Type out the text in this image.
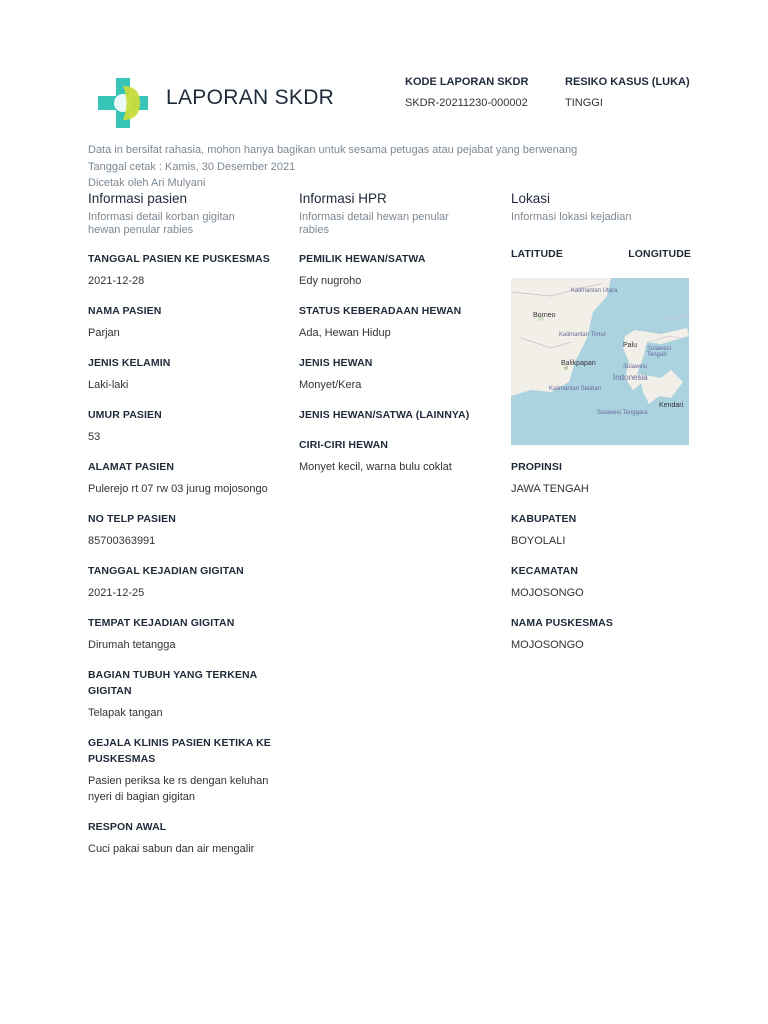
LAPORAN SKDR
KODE LAPORAN SKDR
SKDR-20211230-000002
RESIKO KASUS (LUKA)
TINGGI
Data in bersifat rahasia, mohon hanya bagikan untuk sesama petugas atau pejabat yang berwenang
Tanggal cetak : Kamis, 30 Desember 2021
Dicetak oleh Ari Mulyani
Informasi pasien
Informasi detail korban gigitan hewan penular rabies
TANGGAL PASIEN KE PUSKESMAS
2021-12-28
NAMA PASIEN
Parjan
JENIS KELAMIN
Laki-laki
UMUR PASIEN
53
ALAMAT PASIEN
Pulerejo rt 07 rw 03 jurug mojosongo
NO TELP PASIEN
85700363991
TANGGAL KEJADIAN GIGITAN
2021-12-25
TEMPAT KEJADIAN GIGITAN
Dirumah tetangga
BAGIAN TUBUH YANG TERKENA GIGITAN
Telapak tangan
GEJALA KLINIS PASIEN KETIKA KE PUSKESMAS
Pasien periksa ke rs dengan keluhan nyeri di bagian gigitan
RESPON AWAL
Cuci pakai sabun dan air mengalir
Informasi HPR
Informasi detail hewan penular rabies
PEMILIK HEWAN/SATWA
Edy nugroho
STATUS KEBERADAAN HEWAN
Ada, Hewan Hidup
JENIS HEWAN
Monyet/Kera
JENIS HEWAN/SATWA (LAINNYA)
CIRI-CIRI HEWAN
Monyet kecil, warna bulu coklat
Lokasi
Informasi lokasi kejadian
LATITUDE	LONGITUDE
Borneo
Kalimantan Utara
Kalimantan Timur
Balikpapan
Kalimantan Selatan
Palu Sulawesi Tengah
Indonesia
Sulawesi
Kendari
Sulawesi Tenggara
PROPINSI
JAWA TENGAH
KABUPATEN
BOYOLALI
KECAMATAN
MOJOSONGO
NAMA PUSKESMAS
MOJOSONGO
